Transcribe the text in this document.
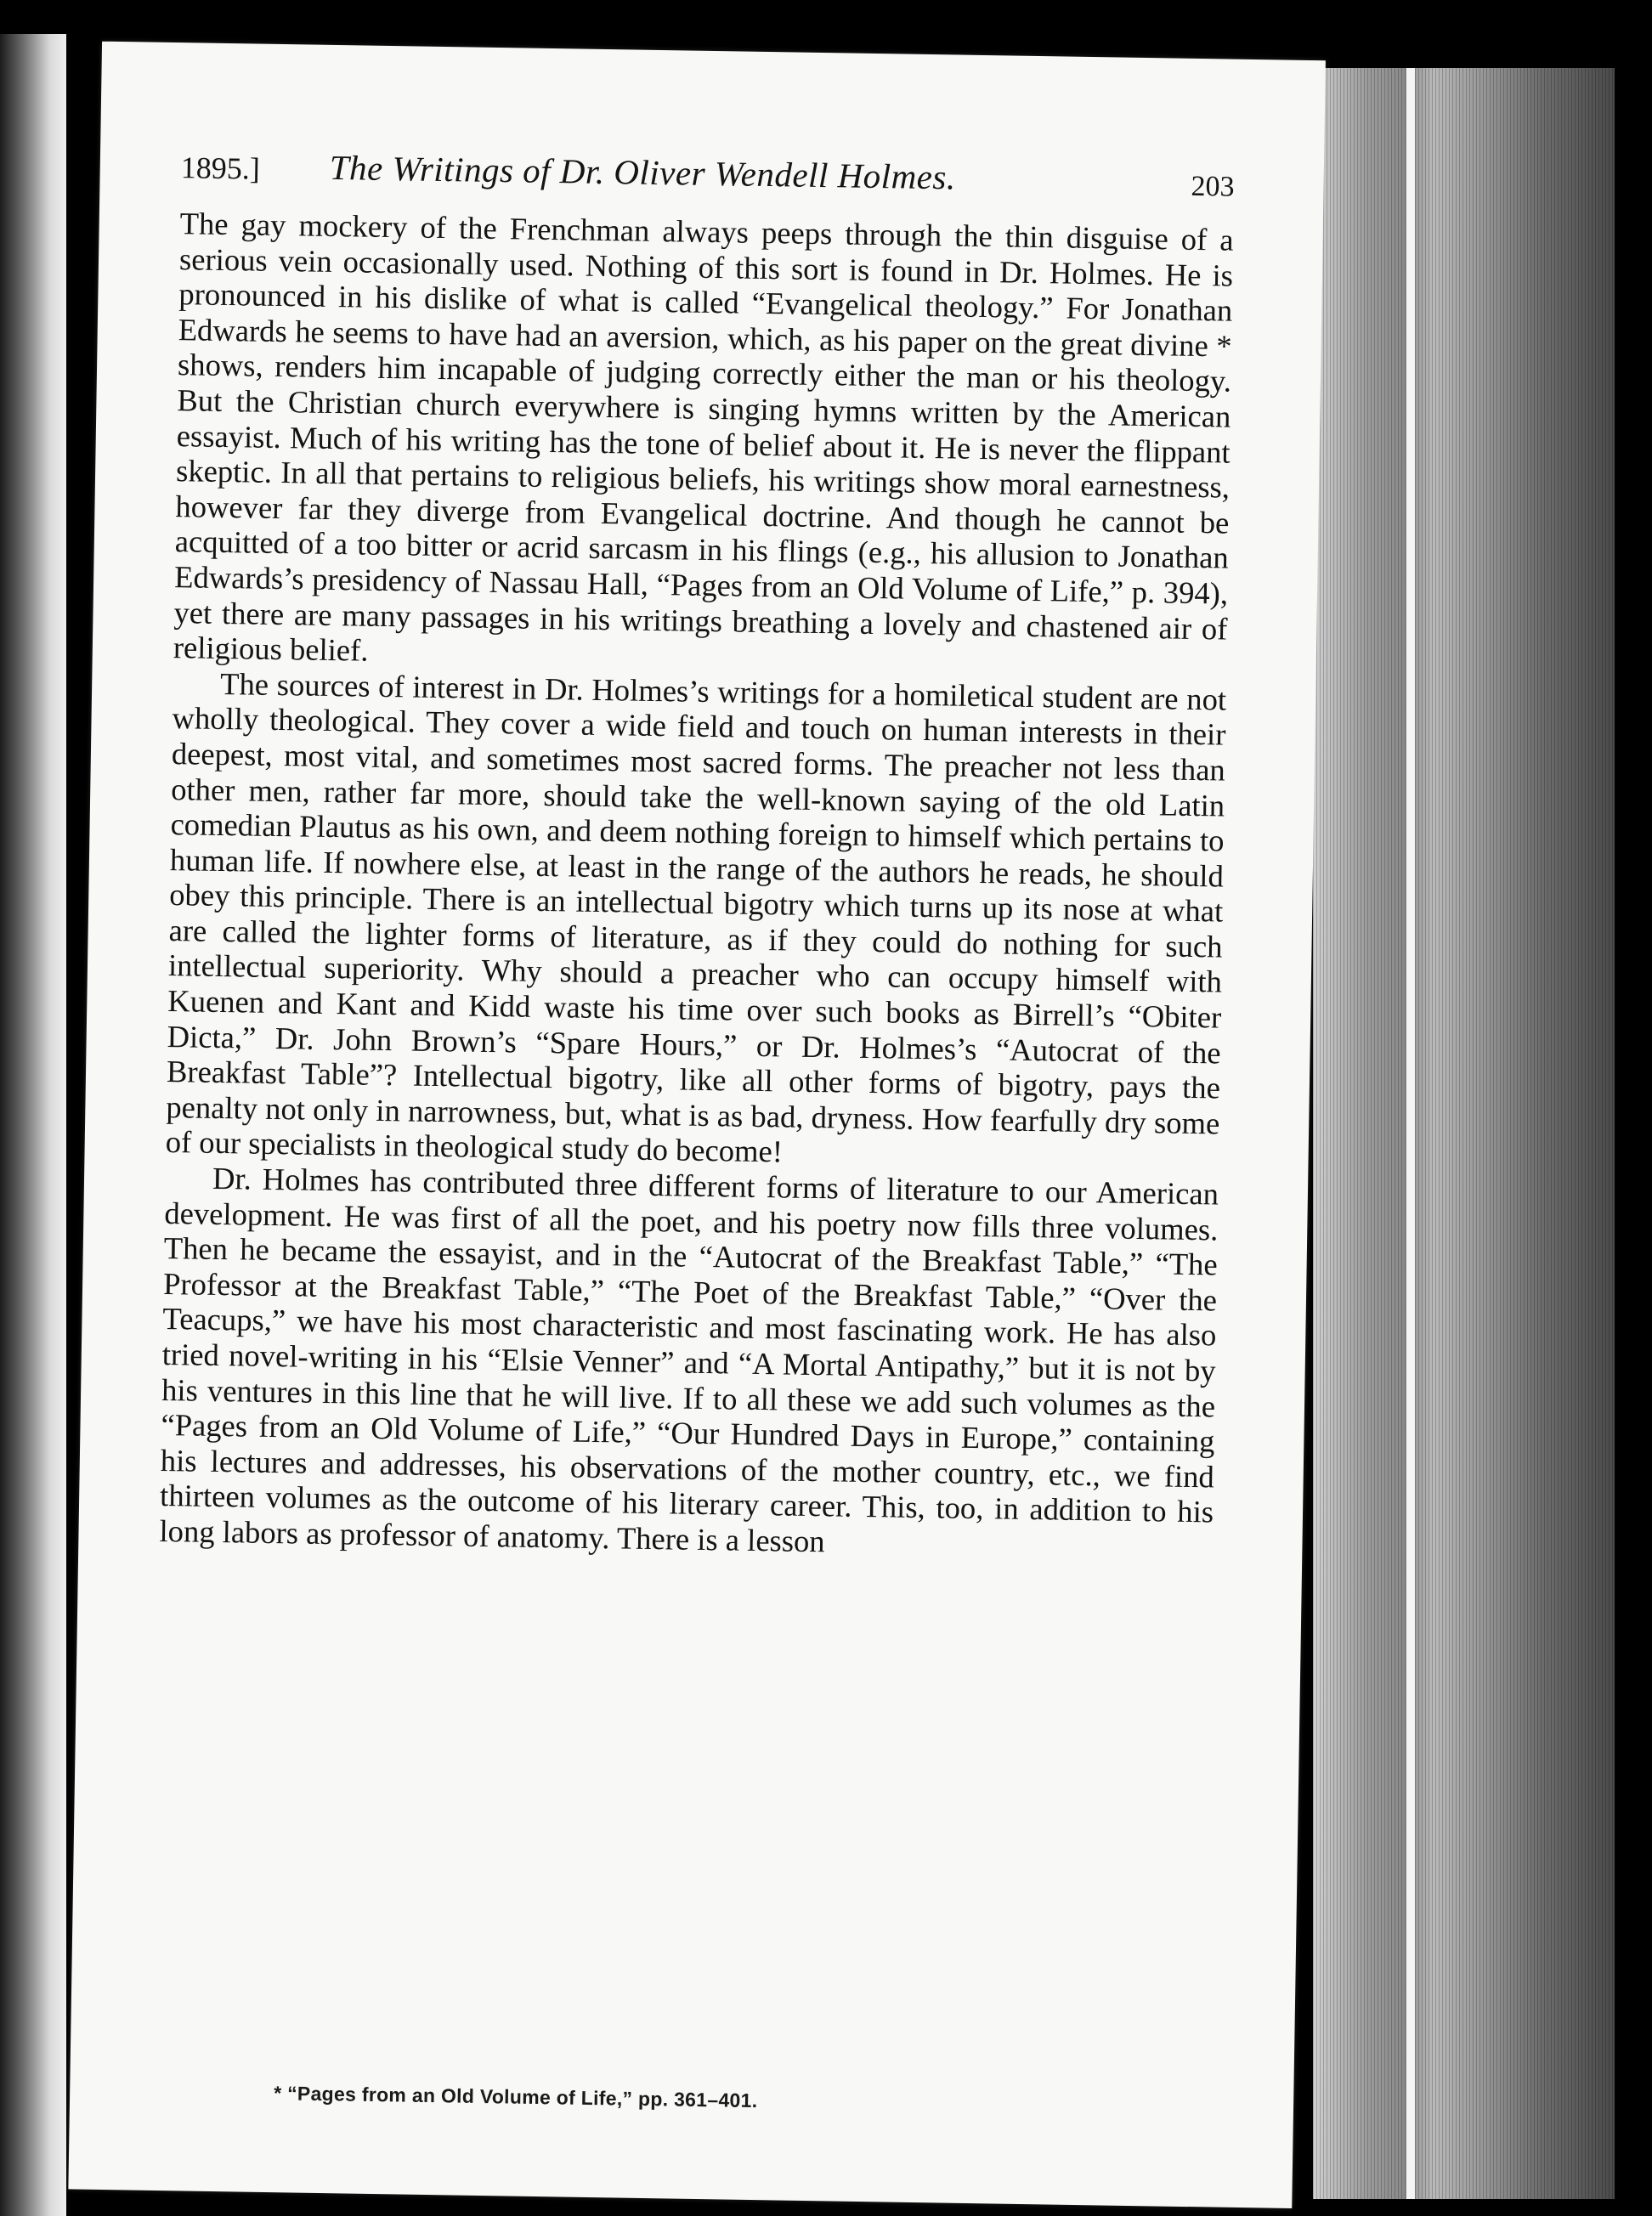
1895.] The Writings of Dr. Oliver Wendell Holmes.	203

The gay mockery of the Frenchman always peeps through the thin disguise of a serious vein occasionally used. Nothing of this sort is found in Dr. Holmes. He is pronounced in his dislike of what is called “Evangelical theology.” For Jonathan Edwards he seems to have had an aversion, which, as his paper on the great divine * shows, renders him incapable of judging correctly either the man or his theology. But the Christian church everywhere is singing hymns written by the American essayist. Much of his writing has the tone of belief about it. He is never the flippant skeptic. In all that pertains to religious beliefs, his writings show moral earnestness, however far they diverge from Evangelical doctrine. And though he cannot be acquitted of a too bitter or acrid sarcasm in his flings (e.g., his allusion to Jonathan Edwards’s presidency of Nassau Hall, “Pages from an Old Volume of Life,” p. 394), yet there are many passages in his writings breathing a lovely and chastened air of religious belief.

The sources of interest in Dr. Holmes’s writings for a homiletical student are not wholly theological. They cover a wide field and touch on human interests in their deepest, most vital, and sometimes most sacred forms. The preacher not less than other men, rather far more, should take the well-known saying of the old Latin comedian Plautus as his own, and deem nothing foreign to himself which pertains to human life. If nowhere else, at least in the range of the authors he reads, he should obey this principle. There is an intellectual bigotry which turns up its nose at what are called the lighter forms of literature, as if they could do nothing for such intellectual superiority. Why should a preacher who can occupy himself with Kuenen and Kant and Kidd waste his time over such books as Birrell’s “Obiter Dicta,” Dr. John Brown’s “Spare Hours,” or Dr. Holmes’s “Autocrat of the Breakfast Table”? Intellectual bigotry, like all other forms of bigotry, pays the penalty not only in narrowness, but, what is as bad, dryness. How fearfully dry some of our specialists in theological study do become!

Dr. Holmes has contributed three different forms of literature to our American development. He was first of all the poet, and his poetry now fills three volumes. Then he became the essayist, and in the “Autocrat of the Breakfast Table,” “The Professor at the Breakfast Table,” “The Poet of the Breakfast Table,” “Over the Teacups,” we have his most characteristic and most fascinating work. He has also tried novel-writing in his “Elsie Venner” and “A Mortal Antipathy,” but it is not by his ventures in this line that he will live. If to all these we add such volumes as the “Pages from an Old Volume of Life,” “Our Hundred Days in Europe,” containing his lectures and addresses, his observations of the mother country, etc., we find thirteen volumes as the outcome of his literary career. This, too, in addition to his long labors as professor of anatomy. There is a lesson

* “Pages from an Old Volume of Life,” pp. 361–401.
